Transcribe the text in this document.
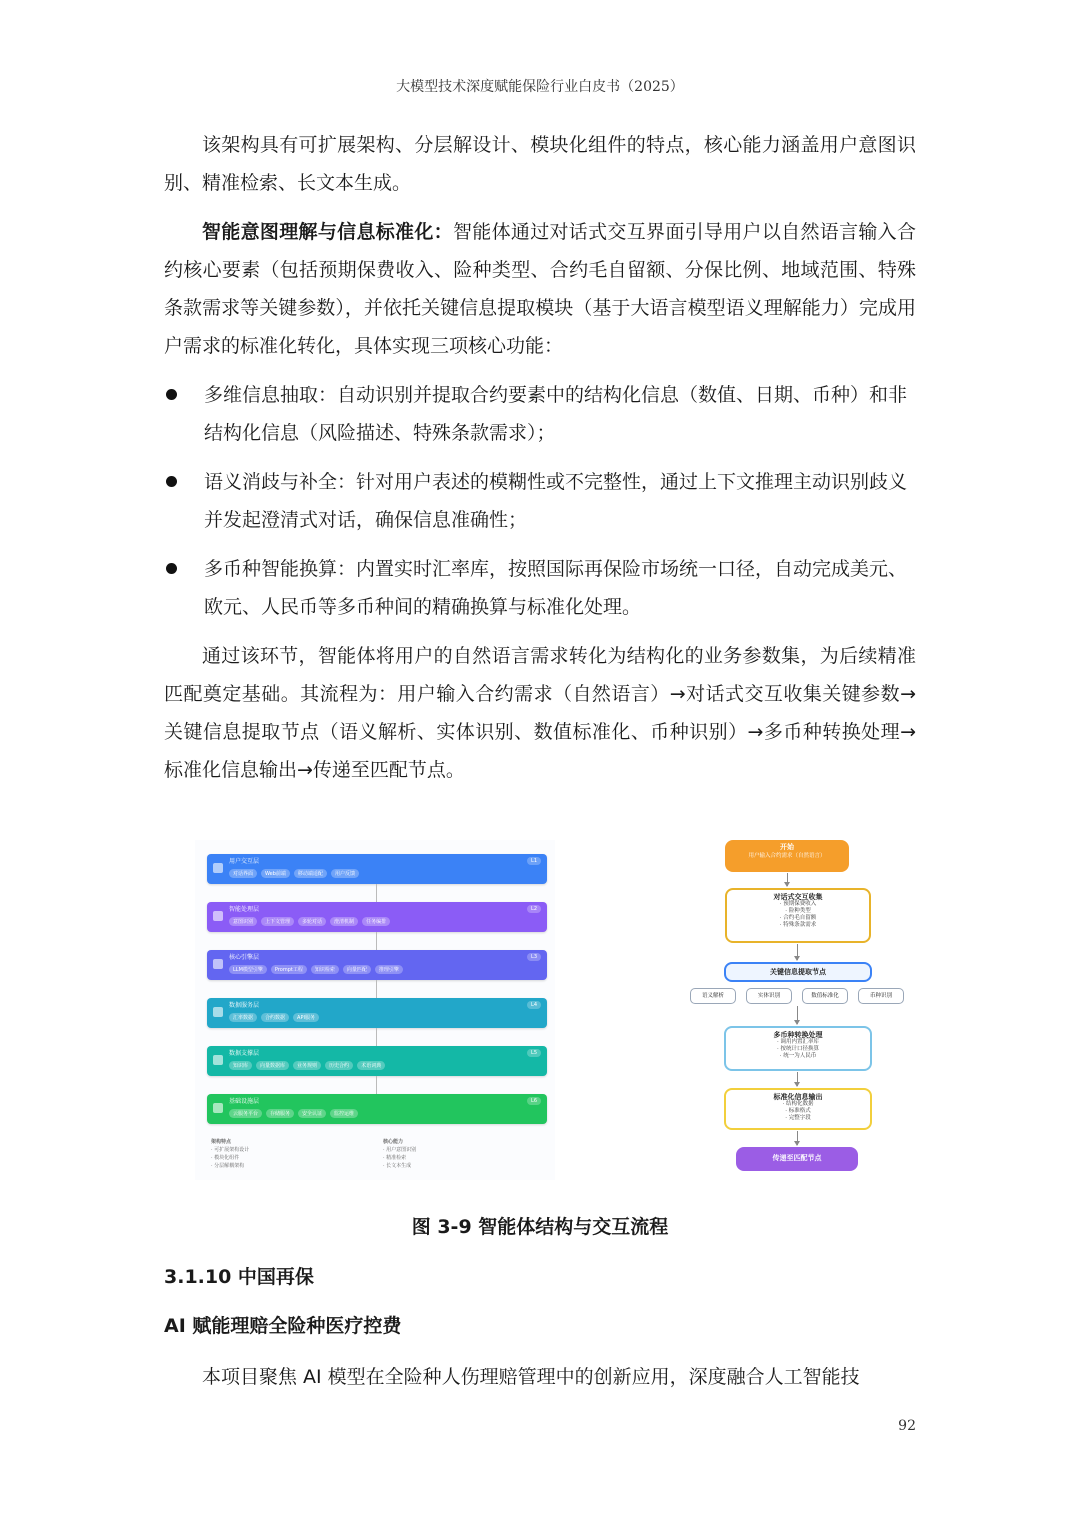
大模型技术深度赋能保险行业白皮书（2025）

该架构具有可扩展架构、分层解设计、模块化组件的特点，核心能力涵盖用户意图识别、精准检索、长文本生成。

智能意图理解与信息标准化：智能体通过对话式交互界面引导用户以自然语言输入合约核心要素（包括预期保费收入、险种类型、合约毛自留额、分保比例、地域范围、特殊条款需求等关键参数），并依托关键信息提取模块（基于大语言模型语义理解能力）完成用户需求的标准化转化，具体实现三项核心功能：

多维信息抽取：自动识别并提取合约要素中的结构化信息（数值、日期、币种）和非结构化信息（风险描述、特殊条款需求）；

语义消歧与补全：针对用户表述的模糊性或不完整性，通过上下文推理主动识别歧义并发起澄清式对话，确保信息准确性；

多币种智能换算：内置实时汇率库，按照国际再保险市场统一口径，自动完成美元、欧元、人民币等多币种间的精确换算与标准化处理。

通过该环节，智能体将用户的自然语言需求转化为结构化的业务参数集，为后续精准匹配奠定基础。其流程为：用户输入合约需求（自然语言）→对话式交互收集关键参数→关键信息提取节点（语义解析、实体识别、数值标准化、币种识别）→多币种转换处理→标准化信息输出→传递至匹配节点。

用户交互层	L1
对话界面	Web前端	移动端适配	用户反馈
智能处理层	L2
意图识别	上下文管理	多轮对话	澄清机制	任务编排
核心引擎层	L3
LLM模型引擎	Prompt工程	知识检索	向量匹配	推理引擎
数据服务层	L4
汇率数据	合约数据	API服务
数据支撑层	L5
知识库	向量数据库	业务规则	历史合约	术语词典
基础设施层	L6
云服务平台	存储服务	安全认证	监控运维
架构特点
· 可扩展架构设计
· 模块化组件
· 分层解耦架构
核心能力
· 用户意图识别
· 精准检索
· 长文本生成
开始
用户输入合约需求（自然语言）
对话式交互收集
· 预期保费收入
· 险种类型
· 合约毛自留额
· 特殊条款需求
关键信息提取节点
语义解析	实体识别	数值标准化	币种识别
多币种转换处理
· 调用内置汇率库
· 按统计口径换算
· 统一为人民币
标准化信息输出
· 结构化数据
· 标准格式
· 完整字段
传递至匹配节点
图 3-9 智能体结构与交互流程
3.1.10 中国再保
AI 赋能理赔全险种医疗控费

本项目聚焦 AI 模型在全险种人伤理赔管理中的创新应用，深度融合人工智能技

92
